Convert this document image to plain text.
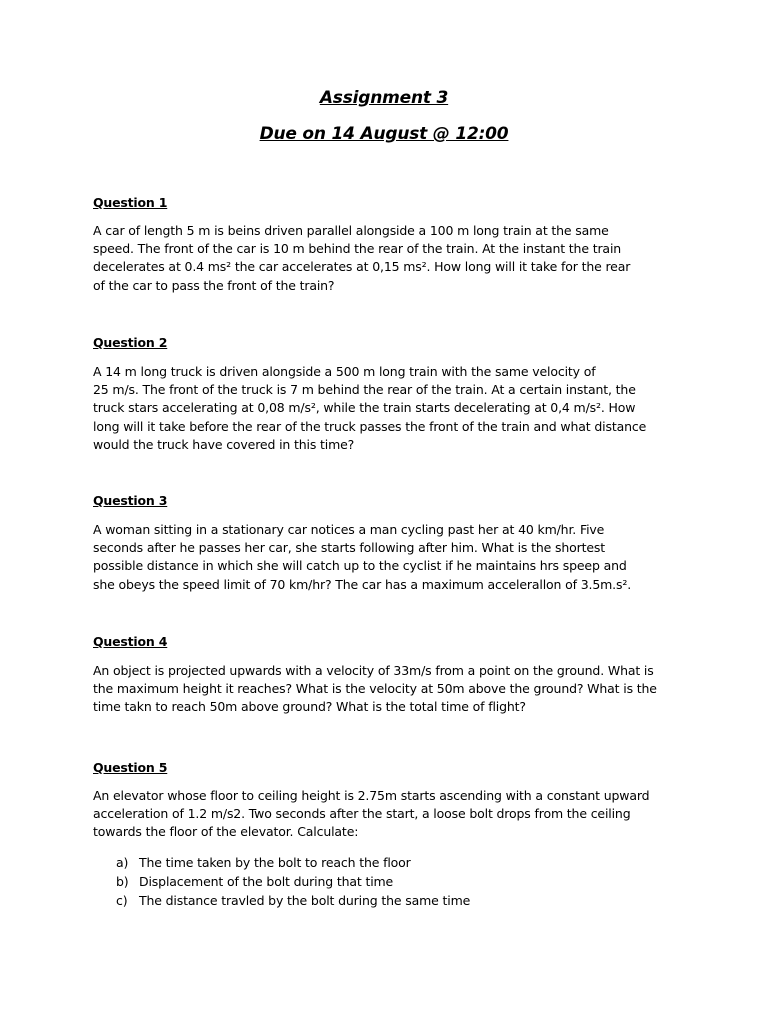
Assignment 3
Due on 14 August @ 12:00
Question 1

A car of length 5 m is beins driven parallel alongside a 100 m long train at the same
speed. The front of the car is 10 m behind the rear of the train. At the instant the train
decelerates at 0.4 ms² the car accelerates at 0,15 ms². How long will it take for the rear
of the car to pass the front of the train?

Question 2

A 14 m long truck is driven alongside a 500 m long train with the same velocity of
25 m/s. The front of the truck is 7 m behind the rear of the train. At a certain instant, the
truck stars accelerating at 0,08 m/s², while the train starts decelerating at 0,4 m/s². How
long will it take before the rear of the truck passes the front of the train and what distance
would the truck have covered in this time?

Question 3

A woman sitting in a stationary car notices a man cycling past her at 40 km/hr. Five
seconds after he passes her car, she starts following after him. What is the shortest
possible distance in which she will catch up to the cyclist if he maintains hrs speep and
she obeys the speed limit of 70 km/hr? The car has a maximum accelerallon of 3.5m.s².

Question 4

An object is projected upwards with a velocity of 33m/s from a point on the ground. What is
the maximum height it reaches? What is the velocity at 50m above the ground? What is the
time takn to reach 50m above ground? What is the total time of flight?

Question 5

An elevator whose floor to ceiling height is 2.75m starts ascending with a constant upward
acceleration of 1.2 m/s2. Two seconds after the start, a loose bolt drops from the ceiling
towards the floor of the elevator. Calculate:

a) The time taken by the bolt to reach the floor
b) Displacement of the bolt during that time
c) The distance travled by the bolt during the same time
